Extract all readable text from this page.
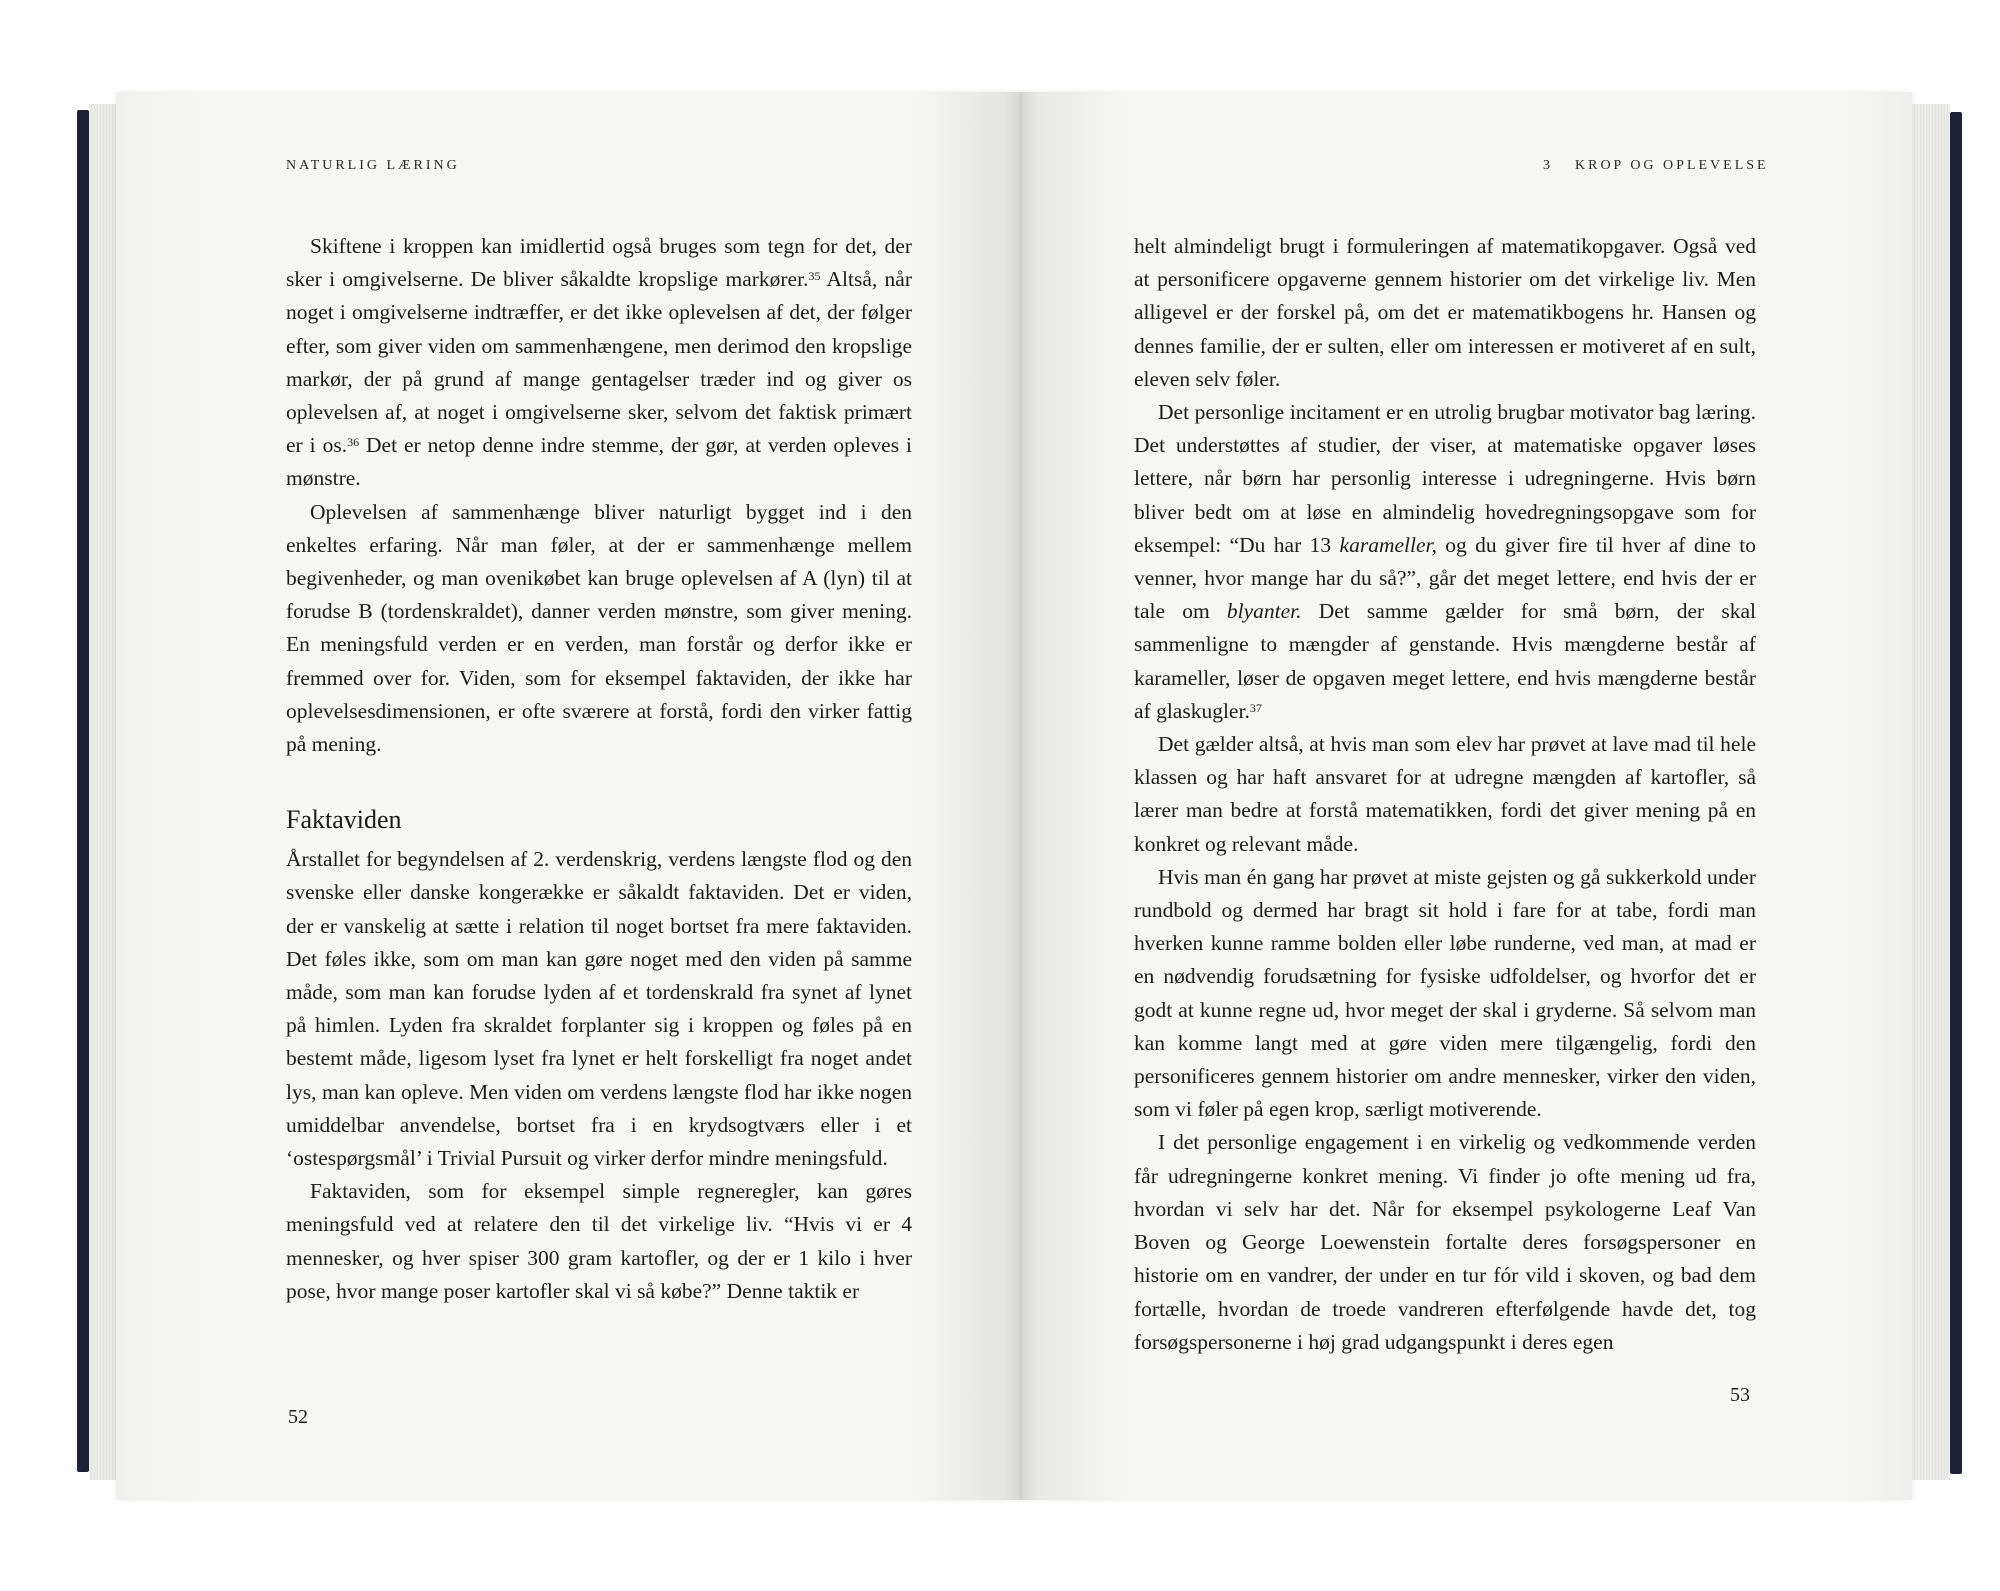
NATURLIG LÆRING

Skiftene i kroppen kan imidlertid også bruges som tegn for det, der sker i omgivelserne. De bliver såkaldte kropslige markører.$^{35}$ Altså, når noget i omgivelserne indtræffer, er det ikke oplevelsen af det, der følger efter, som giver viden om sammenhængene, men derimod den kropslige markør, der på grund af mange gentagelser træder ind og giver os oplevelsen af, at noget i omgivelserne sker, selvom det faktisk primært er i os.$^{36}$ Det er netop denne indre stemme, der gør, at verden opleves i mønstre.

Oplevelsen af sammenhænge bliver naturligt bygget ind i den enkeltes erfaring. Når man føler, at der er sammenhænge mellem begivenheder, og man ovenikøbet kan bruge oplevelsen af A (lyn) til at forudse B (tordenskraldet), danner verden mønstre, som giver mening. En meningsfuld verden er en verden, man forstår og derfor ikke er fremmed over for. Viden, som for eksempel faktaviden, der ikke har oplevelsesdimensionen, er ofte sværere at forstå, fordi den virker fattig på mening.

Faktaviden

Årstallet for begyndelsen af 2. verdenskrig, verdens længste flod og den svenske eller danske kongerække er såkaldt faktaviden. Det er viden, der er vanskelig at sætte i relation til noget bortset fra mere faktaviden. Det føles ikke, som om man kan gøre noget med den viden på samme måde, som man kan forudse lyden af et tordenskrald fra synet af lynet på himlen. Lyden fra skraldet forplanter sig i kroppen og føles på en bestemt måde, ligesom lyset fra lynet er helt forskelligt fra noget andet lys, man kan opleve. Men viden om verdens længste flod har ikke nogen umiddelbar anvendelse, bortset fra i en krydsogtværs eller i et ‘ostespørgsmål’ i Trivial Pursuit og virker derfor mindre meningsfuld.

Faktaviden, som for eksempel simple regneregler, kan gøres meningsfuld ved at relatere den til det virkelige liv. “Hvis vi er 4 mennesker, og hver spiser 300 gram kartofler, og der er 1 kilo i hver pose, hvor mange poser kartofler skal vi så købe?” Denne taktik er

52
3 KROP OG OPLEVELSE

helt almindeligt brugt i formuleringen af matematikopgaver. Også ved at personificere opgaverne gennem historier om det virkelige liv. Men alligevel er der forskel på, om det er matematikbogens hr. Hansen og dennes familie, der er sulten, eller om interessen er motiveret af en sult, eleven selv føler.

Det personlige incitament er en utrolig brugbar motivator bag læring. Det understøttes af studier, der viser, at matematiske opgaver løses lettere, når børn har personlig interesse i udregningerne. Hvis børn bliver bedt om at løse en almindelig hovedregningsopgave som for eksempel: “Du har 13 karameller, og du giver fire til hver af dine to venner, hvor mange har du så?”, går det meget lettere, end hvis der er tale om blyanter. Det samme gælder for små børn, der skal sammenligne to mængder af genstande. Hvis mængderne består af karameller, løser de opgaven meget lettere, end hvis mængderne består af glaskugler.$^{37}$

Det gælder altså, at hvis man som elev har prøvet at lave mad til hele klassen og har haft ansvaret for at udregne mængden af kartofler, så lærer man bedre at forstå matematikken, fordi det giver mening på en konkret og relevant måde.

Hvis man én gang har prøvet at miste gejsten og gå sukkerkold under rundbold og dermed har bragt sit hold i fare for at tabe, fordi man hverken kunne ramme bolden eller løbe runderne, ved man, at mad er en nødvendig forudsætning for fysiske udfoldelser, og hvorfor det er godt at kunne regne ud, hvor meget der skal i gryderne. Så selvom man kan komme langt med at gøre viden mere tilgængelig, fordi den personificeres gennem historier om andre mennesker, virker den viden, som vi føler på egen krop, særligt motiverende.

I det personlige engagement i en virkelig og vedkommende verden får udregningerne konkret mening. Vi finder jo ofte mening ud fra, hvordan vi selv har det. Når for eksempel psykologerne Leaf Van Boven og George Loewenstein fortalte deres forsøgspersoner en historie om en vandrer, der under en tur fór vild i skoven, og bad dem fortælle, hvordan de troede vandreren efterfølgende havde det, tog forsøgspersonerne i høj grad udgangspunkt i deres egen

53
